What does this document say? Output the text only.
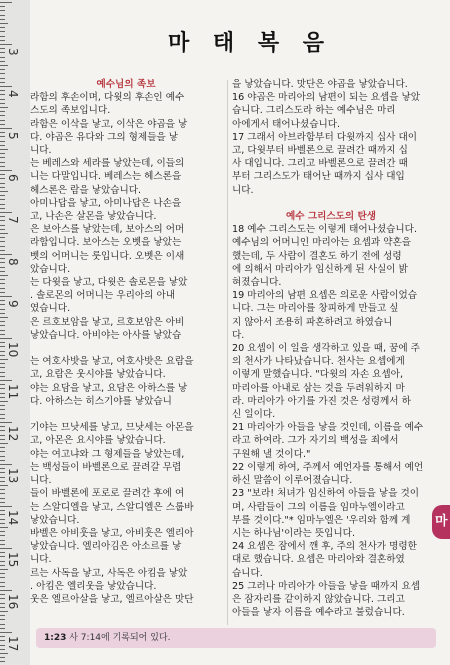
3
4
5
6
7
8
9
10
11
12
13
14
15
16
17
마 태 복 음

예수님의 족보

라함의 후손이며, 다윗의 후손인 예수

스도의 족보입니다.

라함은 이삭을 낳고, 이삭은 야곱을 낳

다. 야곱은 유다와 그의 형제들을 낳

니다.

는 베레스와 세라를 낳았는데, 이들의

니는 다말입니다. 베레스는 헤스론을

헤스론은 람을 낳았습니다.

아미나답을 낳고, 아미나답은 나손을

고, 나손은 살몬을 낳았습니다.

은 보아스를 낳았는데, 보아스의 어머

라합입니다. 보아스는 오벳을 낳았는

벳의 어머니는 룻입니다. 오벳은 이새

았습니다.

는 다윗을 낳고, 다윗은 솔로몬을 낳았

. 솔로몬의 어머니는 우리아의 아내

였습니다.

은 르호보암을 낳고, 르호보암은 아비

낳았습니다. 아비야는 아사를 낳았습

는 여호사밧을 낳고, 여호사밧은 요람을

고, 요람은 웃시야를 낳았습니다.

야는 요담을 낳고, 요담은 아하스를 낳

다. 아하스는 히스기야를 낳았습니

기야는 므낫세를 낳고, 므낫세는 아몬을

고, 아몬은 요시야를 낳았습니다.

야는 여고냐와 그 형제들을 낳았는데,

는 백성들이 바벨론으로 끌려갈 무렵

니다.

들이 바벨론에 포로로 끌려간 후에 여

는 스알디엘을 낳고, 스알디엘은 스룹바

낳았습니다.

바벨은 아비훗을 낳고, 아비훗은 엘리아

낳았습니다. 엘리아김은 아소르를 낳

니다.

르는 사독을 낳고, 사독은 아킴을 낳았

. 아킴은 엘리웃을 낳았습니다.

웃은 엘르아살을 낳고, 엘르아살은 맛단

을 낳았습니다. 맛단은 야곱을 낳았습니다.

16 야곱은 마리아의 남편이 되는 요셉을 낳았

습니다. 그리스도라 하는 예수님은 마리

아에게서 태어나셨습니다.

17 그래서 아브라함부터 다윗까지 십사 대이

고, 다윗부터 바벨론으로 끌려간 때까지 십

사 대입니다. 그리고 바벨론으로 끌려간 때

부터 그리스도가 태어난 때까지 십사 대입

니다.

예수 그리스도의 탄생

18 예수 그리스도는 이렇게 태어나셨습니다.

예수님의 어머니인 마리아는 요셉과 약혼을

했는데, 두 사람이 결혼도 하기 전에 성령

에 의해서 마리아가 임신하게 된 사실이 밝

혀졌습니다.

19 마리아의 남편 요셉은 의로운 사람이었습

니다. 그는 마리아를 창피하게 만들고 싶

지 않아서 조용히 파혼하려고 하였습니

다.

20 요셉이 이 일을 생각하고 있을 때, 꿈에 주

의 천사가 나타났습니다. 천사는 요셉에게

이렇게 말했습니다. "다윗의 자손 요셉아,

마리아를 아내로 삼는 것을 두려워하지 마

라. 마리아가 아기를 가진 것은 성령께서 하

신 일이다.

21 마리아가 아들을 낳을 것인데, 이름을 예수

라고 하여라. 그가 자기의 백성을 죄에서

구원해 낼 것이다."

22 이렇게 하여, 주께서 예언자를 통해서 예언

하신 말씀이 이루어졌습니다.

23 "보라! 처녀가 임신하여 아들을 낳을 것이

며, 사람들이 그의 이름을 임마누엘이라고

부를 것이다."* 임마누엘은 '우리와 함께 계

시는 하나님'이라는 뜻입니다.

24 요셉은 잠에서 깬 후, 주의 천사가 명령한

대로 했습니다. 요셉은 마리아와 결혼하였

습니다.

25 그러나 마리아가 아들을 낳을 때까지 요셉

은 잠자리를 같이하지 않았습니다. 그리고

아들을 낳자 이름을 예수라고 불렀습니다.

마
1:23 사 7:14에 기록되어 있다.
